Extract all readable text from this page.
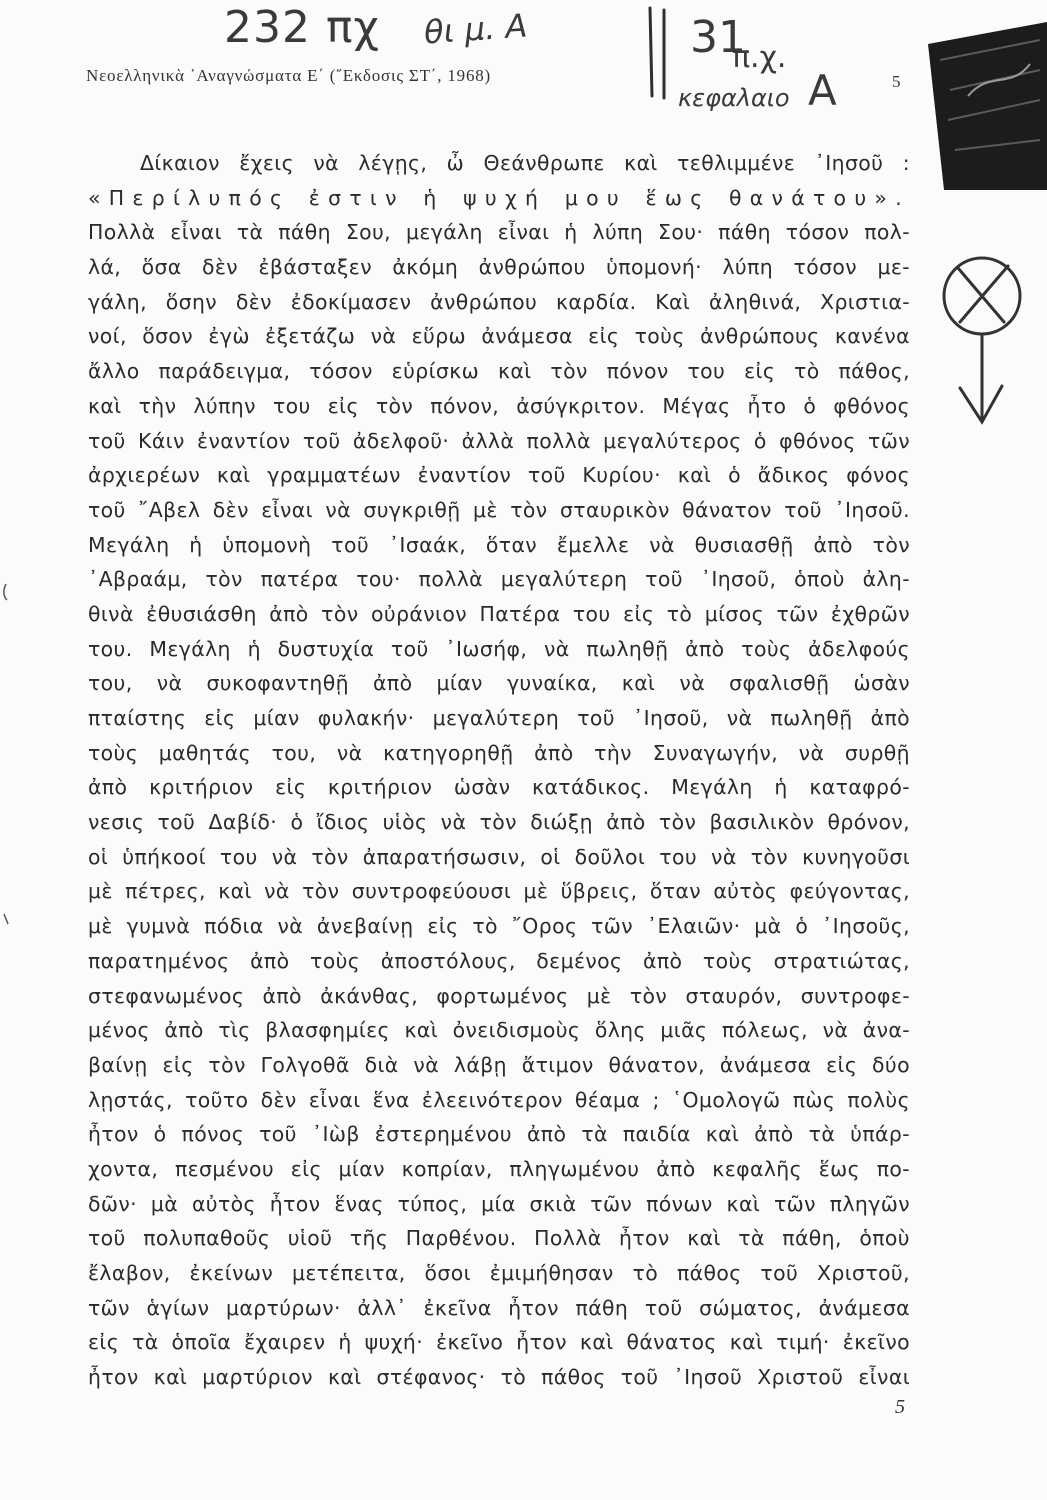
232 πχ θι μ. Α	31
π.χ.
κεφαλαιο Α
Νεοελληνικὰ ᾽Αναγνώσματα Ε΄ (῞Εκδοσις ΣΤ΄, 1968)	5
Δίκαιον ἔχεις νὰ λέγῃς, ὦ Θεάνθρωπε καὶ τεθλιμμένε ᾽Ιησοῦ :
«Περίλυπός ἐστιν ἡ ψυχή μου ἕως θανάτου».
Πολλὰ εἶναι τὰ πάθη Σου, μεγάλη εἶναι ἡ λύπη Σου· πάθη τόσον πολ-
λά, ὅσα δὲν ἐβάσταξεν ἀκόμη ἀνθρώπου ὑπομονή· λύπη τόσον με-
γάλη, ὅσην δὲν ἐδοκίμασεν ἀνθρώπου καρδία. Καὶ ἀληθινά, Χριστια-
νοί, ὅσον ἐγὼ ἐξετάζω νὰ εὕρω ἀνάμεσα εἰς τοὺς ἀνθρώπους κανένα
ἄλλο παράδειγμα, τόσον εὑρίσκω καὶ τὸν πόνον του εἰς τὸ πάθος,
καὶ τὴν λύπην του εἰς τὸν πόνον, ἀσύγκριτον. Μέγας ἦτο ὁ φθόνος
τοῦ Κάιν ἐναντίον τοῦ ἀδελφοῦ· ἀλλὰ πολλὰ μεγαλύτερος ὁ φθόνος τῶν
ἀρχιερέων καὶ γραμματέων ἐναντίον τοῦ Κυρίου· καὶ ὁ ἄδικος φόνος
τοῦ ῎Αβελ δὲν εἶναι νὰ συγκριθῇ μὲ τὸν σταυρικὸν θάνατον τοῦ ᾽Ιησοῦ.
Μεγάλη ἡ ὑπομονὴ τοῦ ᾽Ισαάκ, ὅταν ἔμελλε νὰ θυσιασθῇ ἀπὸ τὸν
᾽Αβραάμ, τὸν πατέρα του· πολλὰ μεγαλύτερη τοῦ ᾽Ιησοῦ, ὁποὺ ἀλη-
θινὰ ἐθυσιάσθη ἀπὸ τὸν οὐράνιον Πατέρα του εἰς τὸ μίσος τῶν ἐχθρῶν
του. Μεγάλη ἡ δυστυχία τοῦ ᾽Ιωσήφ, νὰ πωληθῇ ἀπὸ τοὺς ἀδελφούς
του, νὰ συκοφαντηθῇ ἀπὸ μίαν γυναίκα, καὶ νὰ σφαλισθῇ ὡσὰν
πταίστης εἰς μίαν φυλακήν· μεγαλύτερη τοῦ ᾽Ιησοῦ, νὰ πωληθῇ ἀπὸ
τοὺς μαθητάς του, νὰ κατηγορηθῇ ἀπὸ τὴν Συναγωγήν, νὰ συρθῇ
ἀπὸ κριτήριον εἰς κριτήριον ὡσὰν κατάδικος. Μεγάλη ἡ καταφρό-
νεσις τοῦ Δαβίδ· ὁ ἴδιος υἱὸς νὰ τὸν διώξῃ ἀπὸ τὸν βασιλικὸν θρόνον,
οἱ ὑπήκοοί του νὰ τὸν ἀπαρατήσωσιν, οἱ δοῦλοι του νὰ τὸν κυνηγοῦσι
μὲ πέτρες, καὶ νὰ τὸν συντροφεύουσι μὲ ὕβρεις, ὅταν αὐτὸς φεύγοντας,
μὲ γυμνὰ πόδια νὰ ἀνεβαίνῃ εἰς τὸ ῎Ορος τῶν ᾽Ελαιῶν· μὰ ὁ ᾽Ιησοῦς,
παρατημένος ἀπὸ τοὺς ἀποστόλους, δεμένος ἀπὸ τοὺς στρατιώτας,
στεφανωμένος ἀπὸ ἀκάνθας, φορτωμένος μὲ τὸν σταυρόν, συντροφε-
μένος ἀπὸ τὶς βλασφημίες καὶ ὀνειδισμοὺς ὅλης μιᾶς πόλεως, νὰ ἀνα-
βαίνῃ εἰς τὸν Γολγοθᾶ διὰ νὰ λάβῃ ἄτιμον θάνατον, ἀνάμεσα εἰς δύο
λῃστάς, τοῦτο δὲν εἶναι ἕνα ἐλεεινότερον θέαμα ; ῾Ομολογῶ πὼς πολὺς
ἦτον ὁ πόνος τοῦ ᾽Ιὼβ ἐστερημένου ἀπὸ τὰ παιδία καὶ ἀπὸ τὰ ὑπάρ-
χοντα, πεσμένου εἰς μίαν κοπρίαν, πληγωμένου ἀπὸ κεφαλῆς ἕως πο-
δῶν· μὰ αὐτὸς ἦτον ἕνας τύπος, μία σκιὰ τῶν πόνων καὶ τῶν πληγῶν
τοῦ πολυπαθοῦς υἱοῦ τῆς Παρθένου. Πολλὰ ἦτον καὶ τὰ πάθη, ὁποὺ
ἔλαβον, ἐκείνων μετέπειτα, ὅσοι ἐμιμήθησαν τὸ πάθος τοῦ Χριστοῦ,
τῶν ἁγίων μαρτύρων· ἀλλ᾽ ἐκεῖνα ἦτον πάθη τοῦ σώματος, ἀνάμεσα
εἰς τὰ ὁποῖα ἔχαιρεν ἡ ψυχή· ἐκεῖνο ἦτον καὶ θάνατος καὶ τιμή· ἐκεῖνο
ἦτον καὶ μαρτύριον καὶ στέφανος· τὸ πάθος τοῦ ᾽Ιησοῦ Χριστοῦ εἶναι
5
